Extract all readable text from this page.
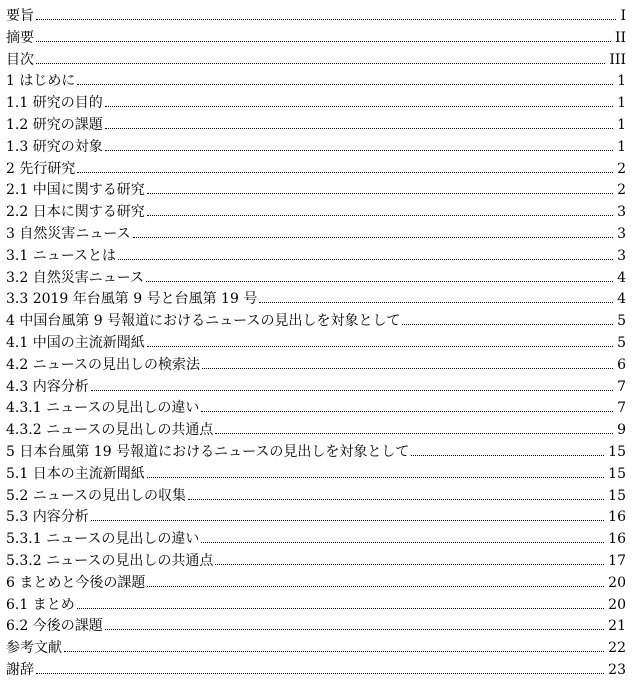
要旨	I
摘要	II
目次	III
1 はじめに	1
1.1 研究の目的	1
1.2 研究の課題	1
1.3 研究の対象	1
2 先行研究	2
2.1 中国に関する研究	2
2.2 日本に関する研究	3
3 自然災害ニュース	3
3.1 ニュースとは	3
3.2 自然災害ニュース	4
3.3 2019 年台風第 9 号と台風第 19 号	4
4 中国台風第 9 号報道におけるニュースの見出しを対象として	5
4.1 中国の主流新聞紙	5
4.2 ニュースの見出しの検索法	6
4.3 内容分析	7
4.3.1 ニュースの見出しの違い	7
4.3.2 ニュースの見出しの共通点	9
5 日本台風第 19 号報道におけるニュースの見出しを対象として	15
5.1 日本の主流新聞紙	15
5.2 ニュースの見出しの収集	15
5.3 内容分析	16
5.3.1 ニュースの見出しの違い	16
5.3.2 ニュースの見出しの共通点	17
6 まとめと今後の課題	20
6.1 まとめ	20
6.2 今後の課題	21
参考文献	22
謝辞	23
